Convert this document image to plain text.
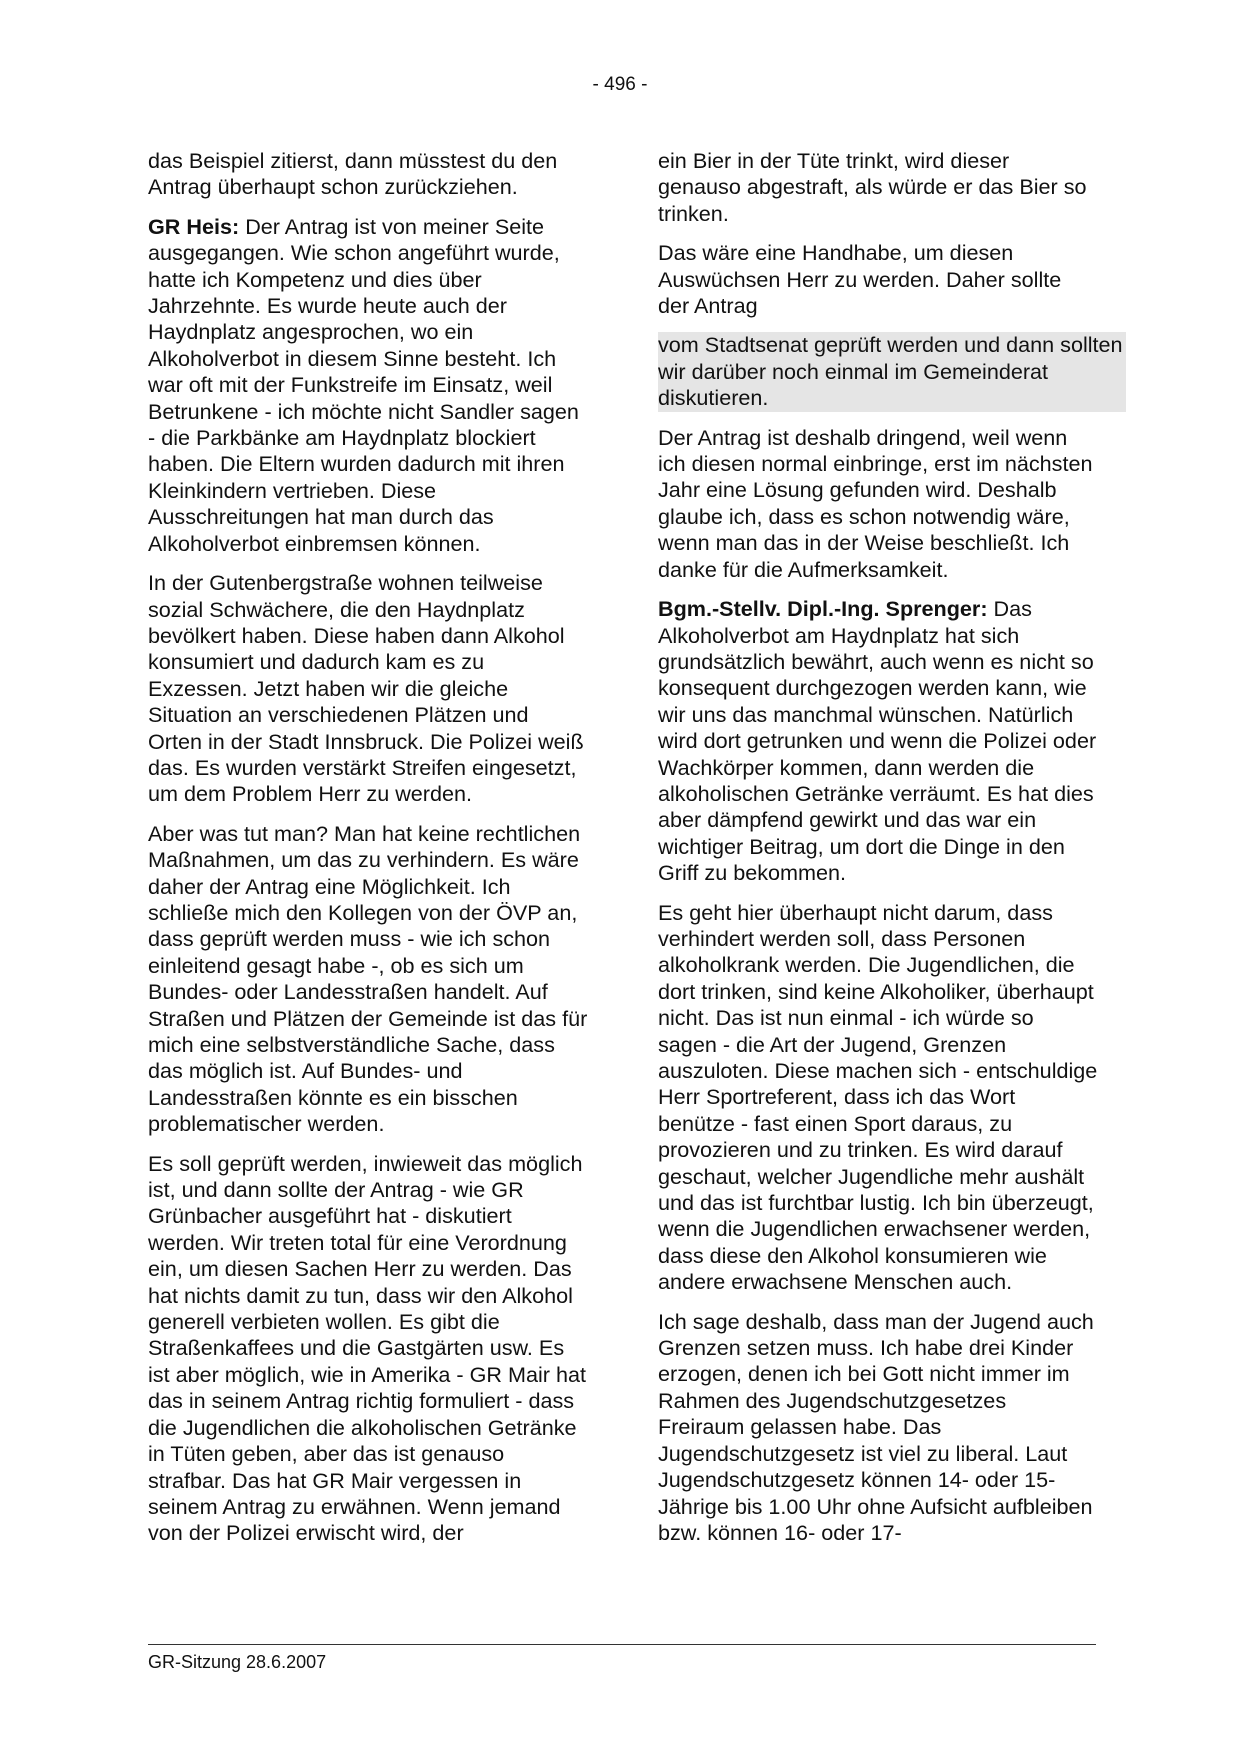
- 496 -

das Beispiel zitierst, dann müsstest du den Antrag überhaupt schon zurückziehen.

GR Heis: Der Antrag ist von meiner Seite ausgegangen. Wie schon angeführt wurde, hatte ich Kompetenz und dies über Jahrzehnte. Es wurde heute auch der Haydnplatz angesprochen, wo ein Alkoholverbot in diesem Sinne besteht. Ich war oft mit der Funkstreife im Einsatz, weil Betrunkene - ich möchte nicht Sandler sagen - die Parkbänke am Haydnplatz blockiert haben. Die Eltern wurden dadurch mit ihren Kleinkindern vertrieben. Diese Ausschreitungen hat man durch das Alkoholverbot einbremsen können.

In der Gutenbergstraße wohnen teilweise sozial Schwächere, die den Haydnplatz bevölkert haben. Diese haben dann Alkohol konsumiert und dadurch kam es zu Exzessen. Jetzt haben wir die gleiche Situation an verschiedenen Plätzen und Orten in der Stadt Innsbruck. Die Polizei weiß das. Es wurden verstärkt Streifen eingesetzt, um dem Problem Herr zu werden.

Aber was tut man? Man hat keine rechtlichen Maßnahmen, um das zu verhindern. Es wäre daher der Antrag eine Möglichkeit. Ich schließe mich den Kollegen von der ÖVP an, dass geprüft werden muss - wie ich schon einleitend gesagt habe -, ob es sich um Bundes- oder Landesstraßen handelt. Auf Straßen und Plätzen der Gemeinde ist das für mich eine selbstverständliche Sache, dass das möglich ist. Auf Bundes- und Landesstraßen könnte es ein bisschen problematischer werden.

Es soll geprüft werden, inwieweit das möglich ist, und dann sollte der Antrag - wie GR Grünbacher ausgeführt hat - diskutiert werden. Wir treten total für eine Verordnung ein, um diesen Sachen Herr zu werden. Das hat nichts damit zu tun, dass wir den Alkohol generell verbieten wollen. Es gibt die Straßenkaffees und die Gastgärten usw. Es ist aber möglich, wie in Amerika - GR Mair hat das in seinem Antrag richtig formuliert - dass die Jugendlichen die alkoholischen Getränke in Tüten geben, aber das ist genauso strafbar. Das hat GR Mair vergessen in seinem Antrag zu erwähnen. Wenn jemand von der Polizei erwischt wird, der

ein Bier in der Tüte trinkt, wird dieser genauso abgestraft, als würde er das Bier so trinken.

Das wäre eine Handhabe, um diesen Auswüchsen Herr zu werden. Daher sollte der Antrag

vom Stadtsenat geprüft werden und dann sollten wir darüber noch einmal im Gemeinderat diskutieren.

Der Antrag ist deshalb dringend, weil wenn ich diesen normal einbringe, erst im nächsten Jahr eine Lösung gefunden wird. Deshalb glaube ich, dass es schon notwendig wäre, wenn man das in der Weise beschließt. Ich danke für die Aufmerksamkeit.

Bgm.-Stellv. Dipl.-Ing. Sprenger: Das Alkoholverbot am Haydnplatz hat sich grundsätzlich bewährt, auch wenn es nicht so konsequent durchgezogen werden kann, wie wir uns das manchmal wünschen. Natürlich wird dort getrunken und wenn die Polizei oder Wachkörper kommen, dann werden die alkoholischen Getränke verräumt. Es hat dies aber dämpfend gewirkt und das war ein wichtiger Beitrag, um dort die Dinge in den Griff zu bekommen.

Es geht hier überhaupt nicht darum, dass verhindert werden soll, dass Personen alkoholkrank werden. Die Jugendlichen, die dort trinken, sind keine Alkoholiker, überhaupt nicht. Das ist nun einmal - ich würde so sagen - die Art der Jugend, Grenzen auszuloten. Diese machen sich - entschuldige Herr Sportreferent, dass ich das Wort benütze - fast einen Sport daraus, zu provozieren und zu trinken. Es wird darauf geschaut, welcher Jugendliche mehr aushält und das ist furchtbar lustig. Ich bin überzeugt, wenn die Jugendlichen erwachsener werden, dass diese den Alkohol konsumieren wie andere erwachsene Menschen auch.

Ich sage deshalb, dass man der Jugend auch Grenzen setzen muss. Ich habe drei Kinder erzogen, denen ich bei Gott nicht immer im Rahmen des Jugendschutzgesetzes Freiraum gelassen habe. Das Jugendschutzgesetz ist viel zu liberal. Laut Jugendschutzgesetz können 14- oder 15-Jährige bis 1.00 Uhr ohne Aufsicht aufbleiben bzw. können 16- oder 17-

GR-Sitzung 28.6.2007
